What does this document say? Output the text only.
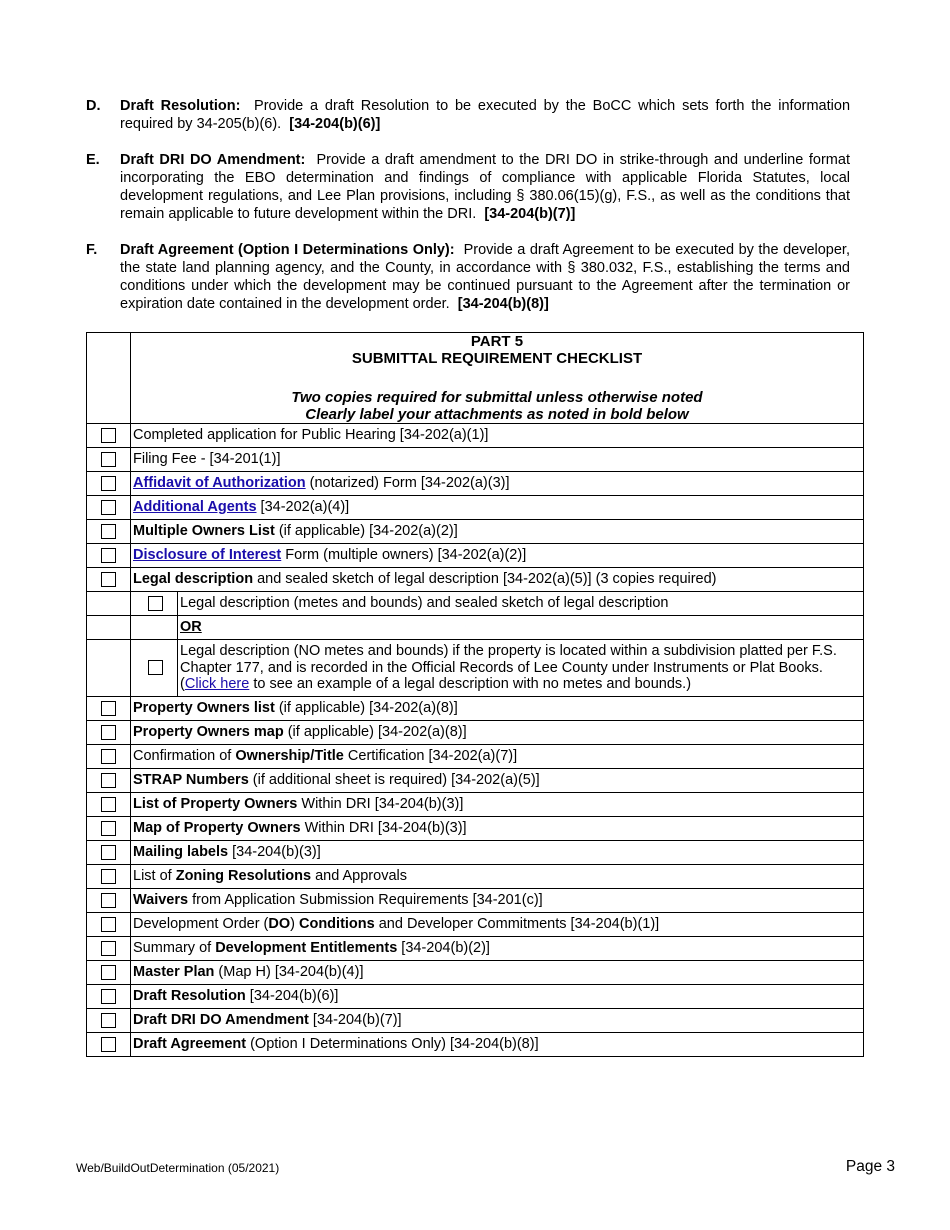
D.	Draft Resolution: Provide a draft Resolution to be executed by the BoCC which sets forth the information required by 34-205(b)(6). [34-204(b)(6)]
E.	Draft DRI DO Amendment: Provide a draft amendment to the DRI DO in strike-through and underline format incorporating the EBO determination and findings of compliance with applicable Florida Statutes, local development regulations, and Lee Plan provisions, including § 380.06(15)(g), F.S., as well as the conditions that remain applicable to future development within the DRI. [34-204(b)(7)]
F.	Draft Agreement (Option I Determinations Only): Provide a draft Agreement to be executed by the developer, the state land planning agency, and the County, in accordance with § 380.032, F.S., establishing the terms and conditions under which the development may be continued pursuant to the Agreement after the termination or expiration date contained in the development order. [34-204(b)(8)]

PART 5
SUBMITTAL REQUIREMENT CHECKLIST
Two copies required for submittal unless otherwise noted
Clearly label your attachments as noted in bold below

	Completed application for Public Hearing [34-202(a)(1)]
	Filing Fee - [34-201(1)]
	Affidavit of Authorization (notarized) Form [34-202(a)(3)]
	Additional Agents [34-202(a)(4)]
	Multiple Owners List (if applicable) [34-202(a)(2)]
	Disclosure of Interest Form (multiple owners) [34-202(a)(2)]
	Legal description and sealed sketch of legal description [34-202(a)(5)] (3 copies required)

	Legal description (metes and bounds) and sealed sketch of legal description

	OR

	Legal description (NO metes and bounds) if the property is located within a subdivision platted per F.S. Chapter 177, and is recorded in the Official Records of Lee County under Instruments or Plat Books. (Click here to see an example of a legal description with no metes and bounds.)

	Property Owners list (if applicable) [34-202(a)(8)]
	Property Owners map (if applicable) [34-202(a)(8)]
	Confirmation of Ownership/Title Certification [34-202(a)(7)]
	STRAP Numbers (if additional sheet is required) [34-202(a)(5)]
	List of Property Owners Within DRI [34-204(b)(3)]
	Map of Property Owners Within DRI [34-204(b)(3)]
	Mailing labels [34-204(b)(3)]
	List of Zoning Resolutions and Approvals
	Waivers from Application Submission Requirements [34-201(c)]
	Development Order (DO) Conditions and Developer Commitments [34-204(b)(1)]
	Summary of Development Entitlements [34-204(b)(2)]
	Master Plan (Map H) [34-204(b)(4)]
	Draft Resolution [34-204(b)(6)]
	Draft DRI DO Amendment [34-204(b)(7)]
	Draft Agreement (Option I Determinations Only) [34-204(b)(8)]
Web/BuildOutDetermination (05/2021)	Page 3
